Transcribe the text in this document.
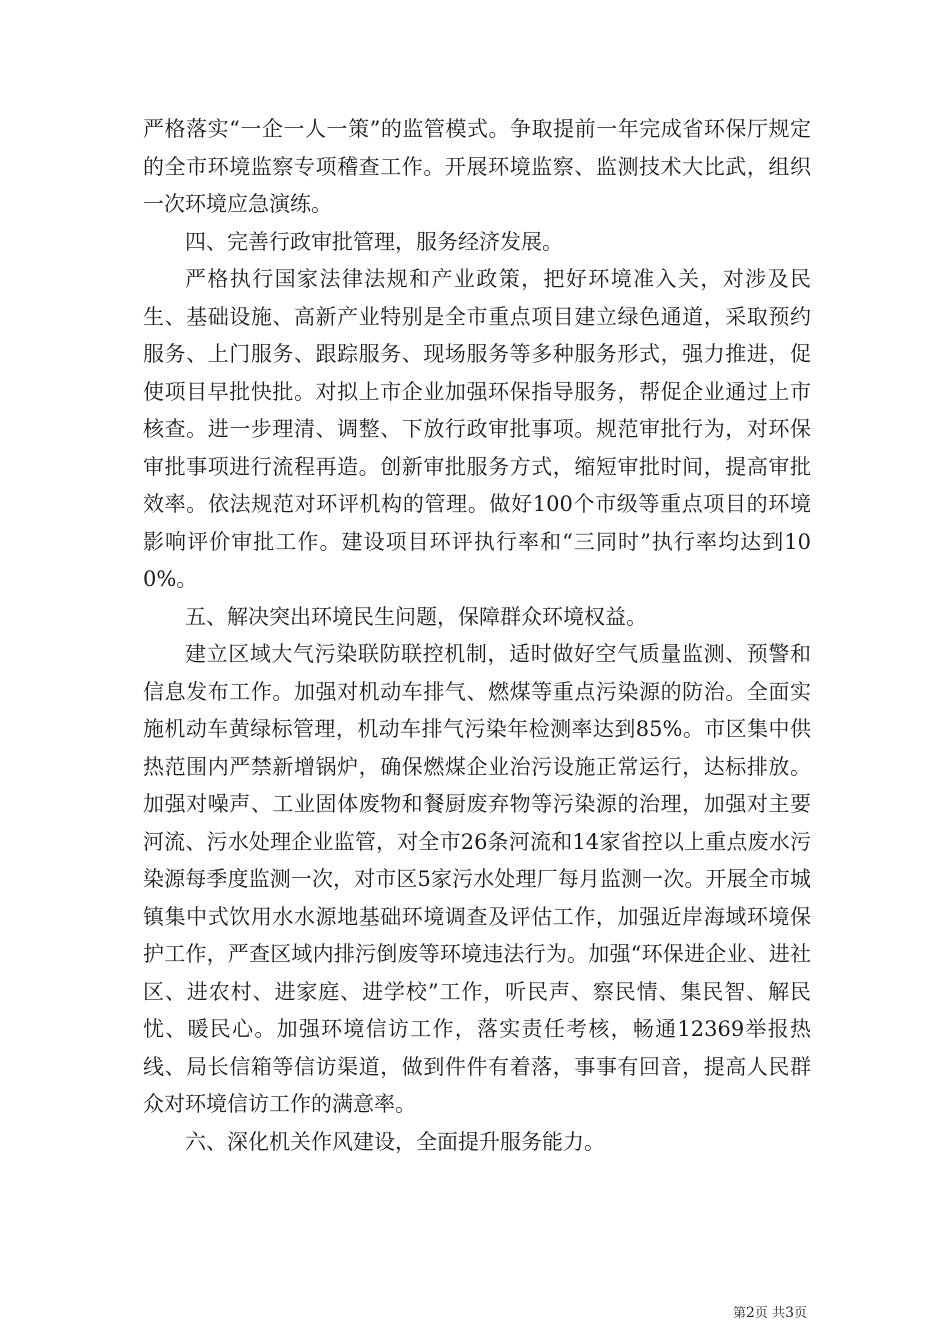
严格落实“一企一人一策”的监管模式。争取提前一年完成省环保厅规定的全市环境监察专项稽查工作。开展环境监察、监测技术大比武，组织一次环境应急演练。

四、完善行政审批管理，服务经济发展。

严格执行国家法律法规和产业政策，把好环境准入关，对涉及民生、基础设施、高新产业特别是全市重点项目建立绿色通道，采取预约服务、上门服务、跟踪服务、现场服务等多种服务形式，强力推进，促使项目早批快批。对拟上市企业加强环保指导服务，帮促企业通过上市核查。进一步理清、调整、下放行政审批事项。规范审批行为，对环保审批事项进行流程再造。创新审批服务方式，缩短审批时间，提高审批效率。依法规范对环评机构的管理。做好100个市级等重点项目的环境影响评价审批工作。建设项目环评执行率和“三同时”执行率均达到100%。

五、解决突出环境民生问题，保障群众环境权益。

建立区域大气污染联防联控机制，适时做好空气质量监测、预警和信息发布工作。加强对机动车排气、燃煤等重点污染源的防治。全面实施机动车黄绿标管理，机动车排气污染年检测率达到85%。市区集中供热范围内严禁新增锅炉，确保燃煤企业治污设施正常运行，达标排放。加强对噪声、工业固体废物和餐厨废弃物等污染源的治理，加强对主要河流、污水处理企业监管，对全市26条河流和14家省控以上重点废水污染源每季度监测一次，对市区5家污水处理厂每月监测一次。开展全市城镇集中式饮用水水源地基础环境调查及评估工作，加强近岸海域环境保护工作，严查区域内排污倒废等环境违法行为。加强“环保进企业、进社区、进农村、进家庭、进学校”工作，听民声、察民情、集民智、解民忧、暖民心。加强环境信访工作，落实责任考核，畅通12369举报热线、局长信箱等信访渠道，做到件件有着落，事事有回音，提高人民群众对环境信访工作的满意率。

六、深化机关作风建设，全面提升服务能力。

第2页 共3页
